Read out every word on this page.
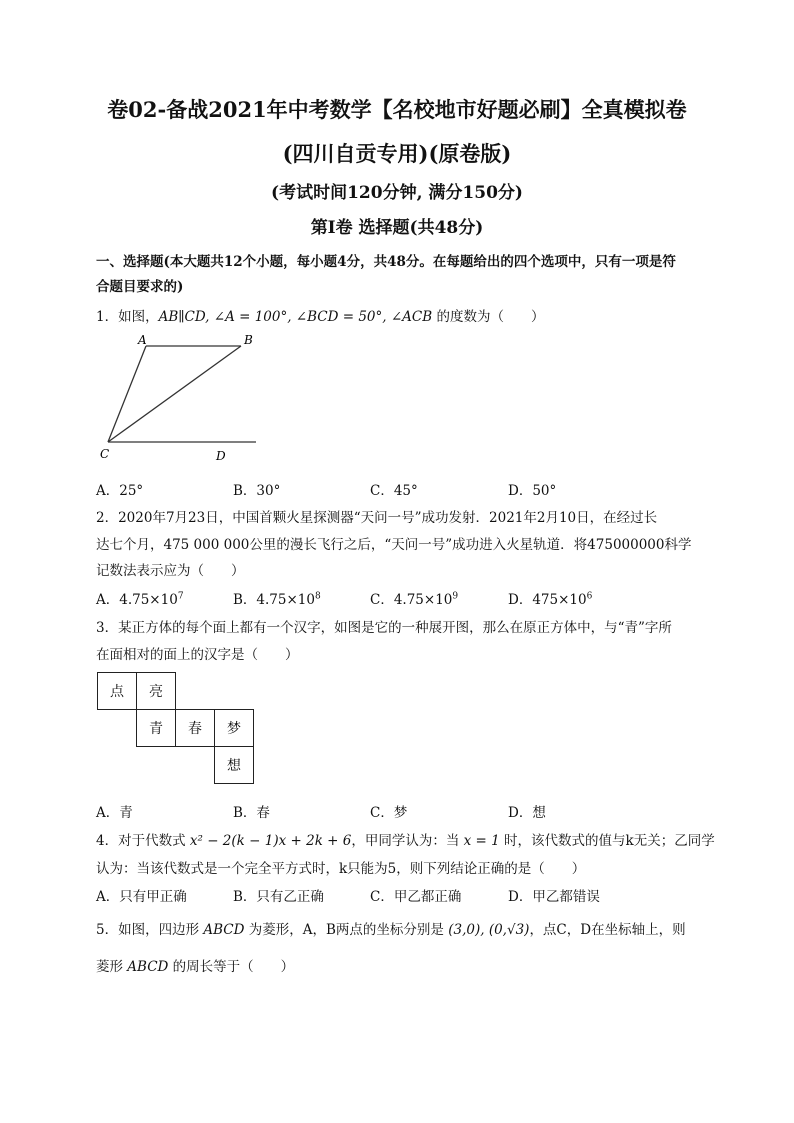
卷02-备战2021年中考数学【名校地市好题必刷】全真模拟卷
(四川自贡专用)(原卷版)
(考试时间120分钟, 满分150分)
第Ⅰ卷 选择题(共48分)
一、选择题(本大题共12个小题，每小题4分，共48分。在每题给出的四个选项中，只有一项是符
合题目要求的)
1．如图，AB∥CD, ∠A = 100°, ∠BCD = 50°, ∠ACB 的度数为（　　）
A	B
C	D
A．25°	B．30°	C．45°	D．50°
2．2020年7月23日，中国首颗火星探测器“天问一号”成功发射．2021年2月10日，在经过长
达七个月，475 000 000公里的漫长飞行之后，“天问一号”成功进入火星轨道．将475000000科学
记数法表示应为（　　）
A．$4.75\times 10^7$	B．$4.75\times 10^8$	C．$4.75\times 10^9$	D．$475\times 10^6$
3．某正方体的每个面上都有一个汉字，如图是它的一种展开图，那么在原正方体中，与“青”字所
在面相对的面上的汉字是（　　）
点	亮
青	春	梦
想
A．青	B．春	C．梦	D．想
4．对于代数式 x² − 2(k − 1)x + 2k + 6，甲同学认为：当 x = 1 时，该代数式的值与k无关；乙同学
认为：当该代数式是一个完全平方式时，k只能为5，则下列结论正确的是（　　）
A．只有甲正确	B．只有乙正确	C．甲乙都正确	D．甲乙都错误
5．如图，四边形 ABCD 为菱形，A，B两点的坐标分别是 (3,0), (0,√3)，点C，D在坐标轴上，则
菱形 ABCD 的周长等于（　　）
